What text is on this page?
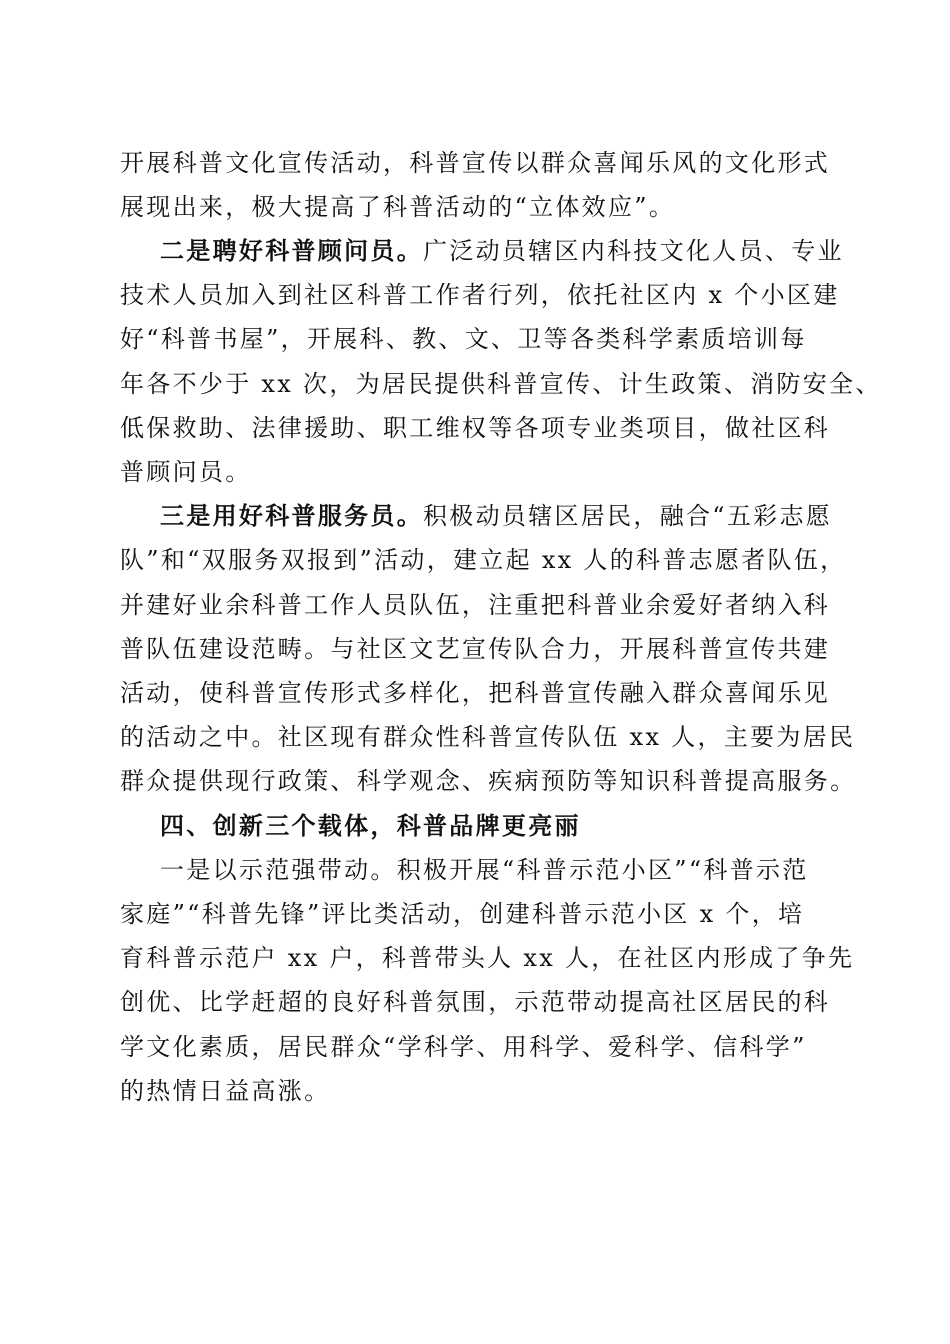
开展科普文化宣传活动，科普宣传以群众喜闻乐风的文化形式
展现出来，极大提高了科普活动的“立体效应”。
二是聘好科普顾问员。广泛动员辖区内科技文化人员、专业
技术人员加入到社区科普工作者行列，依托社区内 x 个小区建
好“科普书屋”，开展科、教、文、卫等各类科学素质培训每
年各不少于 xx 次，为居民提供科普宣传、计生政策、消防安全、
低保救助、法律援助、职工维权等各项专业类项目，做社区科
普顾问员。
三是用好科普服务员。积极动员辖区居民，融合“五彩志愿
队”和“双服务双报到”活动，建立起 xx 人的科普志愿者队伍，
并建好业余科普工作人员队伍，注重把科普业余爱好者纳入科
普队伍建设范畴。与社区文艺宣传队合力，开展科普宣传共建
活动，使科普宣传形式多样化，把科普宣传融入群众喜闻乐见
的活动之中。社区现有群众性科普宣传队伍 xx 人，主要为居民
群众提供现行政策、科学观念、疾病预防等知识科普提高服务。
四、创新三个载体，科普品牌更亮丽
一是以示范强带动。积极开展“科普示范小区”“科普示范
家庭”“科普先锋”评比类活动，创建科普示范小区 x 个，培
育科普示范户 xx 户，科普带头人 xx 人，在社区内形成了争先
创优、比学赶超的良好科普氛围，示范带动提高社区居民的科
学文化素质，居民群众“学科学、用科学、爱科学、信科学”
的热情日益高涨。
